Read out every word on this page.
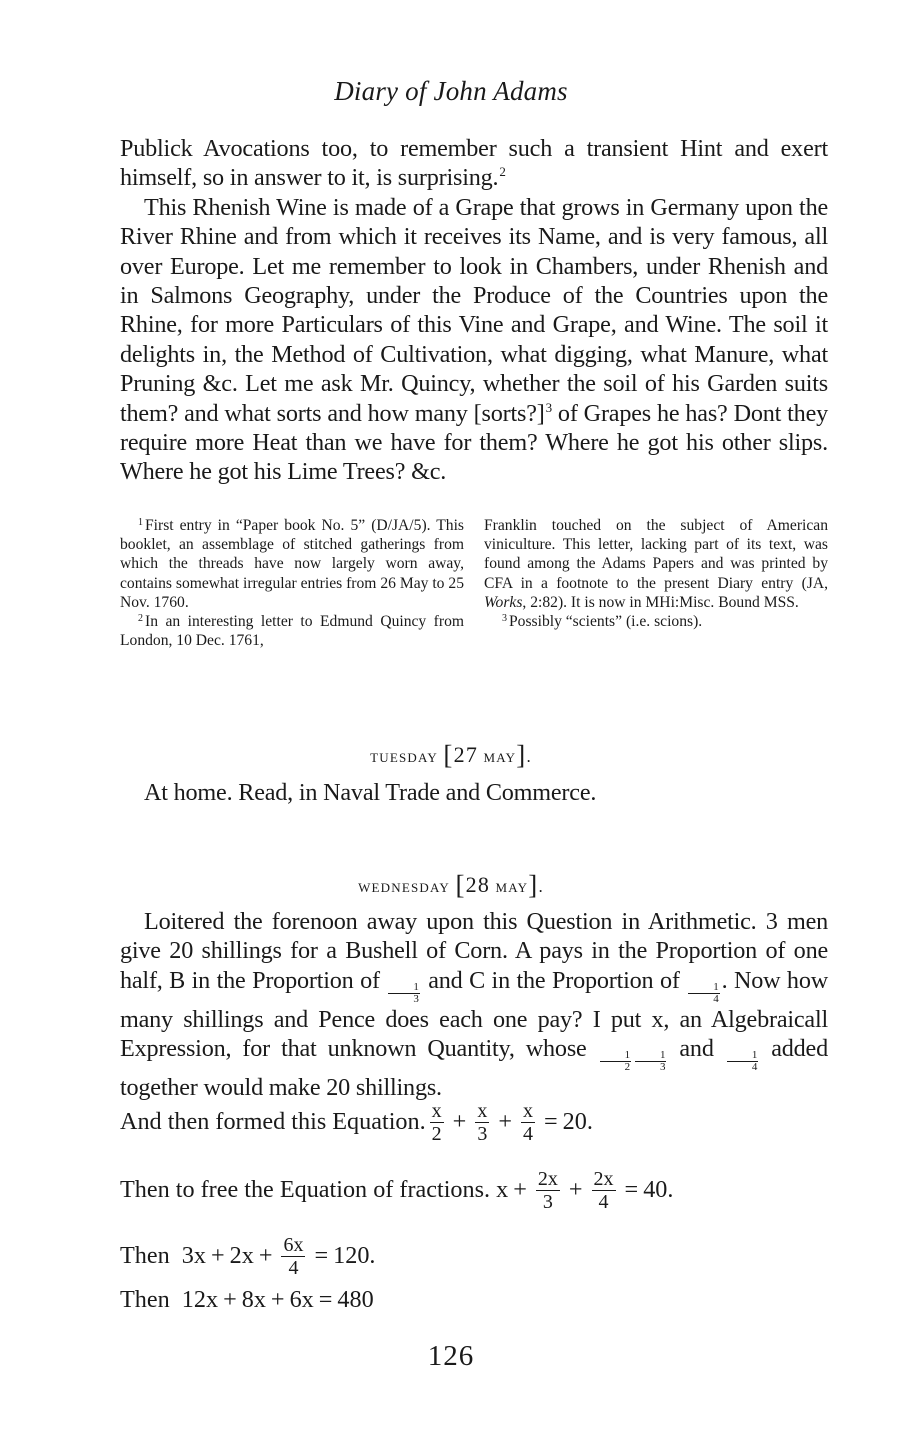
Diary of John Adams

Publick Avocations too, to remember such a transient Hint and exert himself, so in answer to it, is surprising.$^2$

This Rhenish Wine is made of a Grape that grows in Germany upon the River Rhine and from which it receives its Name, and is very famous, all over Europe. Let me remember to look in Chambers, under Rhenish and in Salmons Geography, under the Produce of the Countries upon the Rhine, for more Particulars of this Vine and Grape, and Wine. The soil it delights in, the Method of Cultivation, what digging, what Manure, what Pruning &c. Let me ask Mr. Quincy, whether the soil of his Garden suits them? and what sorts and how many [sorts?]$^3$ of Grapes he has? Dont they require more Heat than we have for them? Where he got his other slips. Where he got his Lime Trees? &c.

$^1$ First entry in “Paper book No. 5” (D/JA/5). This booklet, an assemblage of stitched gatherings from which the threads have now largely worn away, contains somewhat irregular entries from 26 May to 25 Nov. 1760.

$^2$ In an interesting letter to Edmund Quincy from London, 10 Dec. 1761,

Franklin touched on the subject of American viniculture. This letter, lacking part of its text, was found among the Adams Papers and was printed by CFA in a footnote to the present Diary entry (JA, Works, 2:82). It is now in MHi:Misc. Bound MSS.

$^3$ Possibly “scients” (i.e. scions).

tuesday [27 may].

At home. Read, in Naval Trade and Commerce.

wednesday [28 may].

Loitered the forenoon away upon this Question in Arithmetic. 3 men give 20 shillings for a Bushell of Corn. A pays in the Proportion of one half, B in the Proportion of $\frac{1}{3}$ and C in the Proportion of $\frac{1}{4}$ . Now how many shillings and Pence does each one pay? I put x, an Algebraicall Expression, for that unknown Quantity, whose $\frac{1}{2} \frac{1}{3}$ and $\frac{1}{4}$ added together would make 20 shillings.

And then formed this Equation. $\frac{x}{2} + \frac{x}{3} + \frac{x}{4} = 20$.
Then to free the Equation of fractions.
$x + \frac{2x}{3} + \frac{2x}{4} = 40$.
Then
$3x + 2x + \frac{6x}{4} = 120$.
Then
12x + 8x + 6x = 480
126
